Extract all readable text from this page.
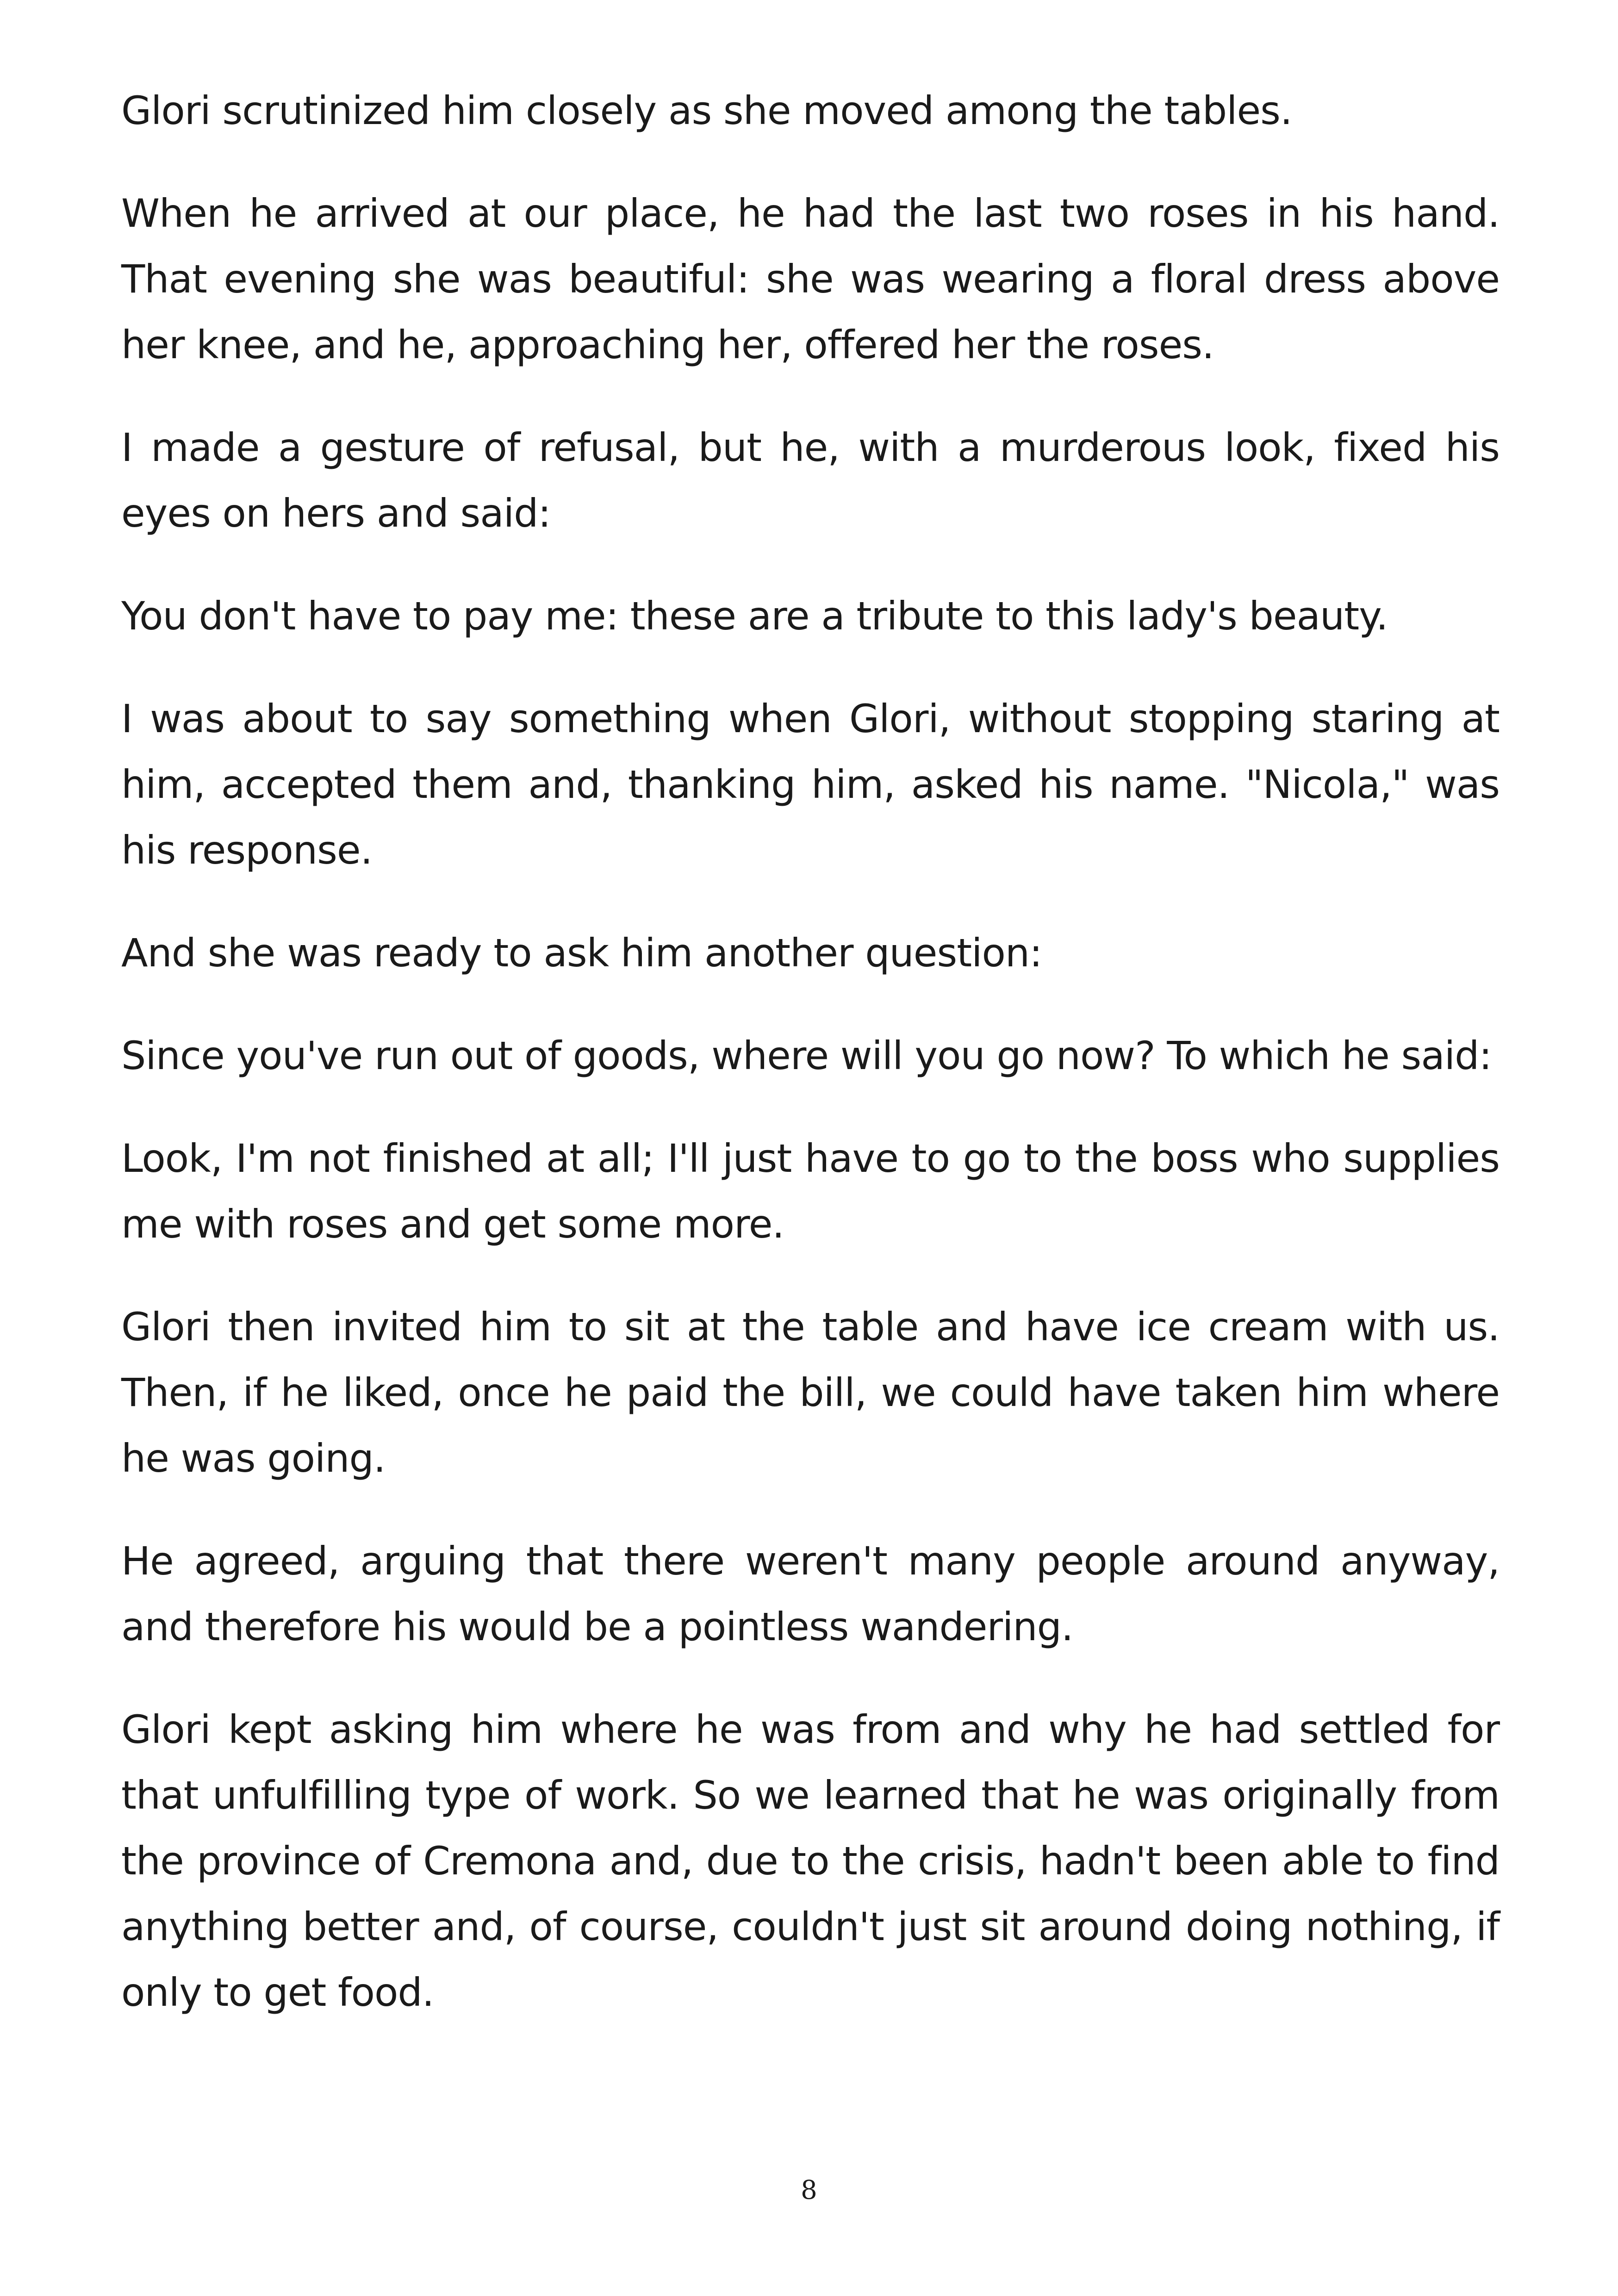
Glori scrutinized him closely as she moved among the tables.

When he arrived at our place, he had the last two roses in his hand. That evening she was beautiful: she was wearing a floral dress above her knee, and he, approaching her, offered her the roses.

I made a gesture of refusal, but he, with a murderous look, fixed his eyes on hers and said:

You don't have to pay me: these are a tribute to this lady's beauty.

I was about to say something when Glori, without stopping staring at him, accepted them and, thanking him, asked his name. "Nicola," was his response.

And she was ready to ask him another question:

Since you've run out of goods, where will you go now? To which he said:

Look, I'm not finished at all; I'll just have to go to the boss who supplies me with roses and get some more.

Glori then invited him to sit at the table and have ice cream with us. Then, if he liked, once he paid the bill, we could have taken him where he was going.

He agreed, arguing that there weren't many people around anyway, and therefore his would be a pointless wandering.

Glori kept asking him where he was from and why he had settled for that unfulfilling type of work. So we learned that he was originally from the province of Cremona and, due to the crisis, hadn't been able to find anything better and, of course, couldn't just sit around doing nothing, if only to get food.

8
